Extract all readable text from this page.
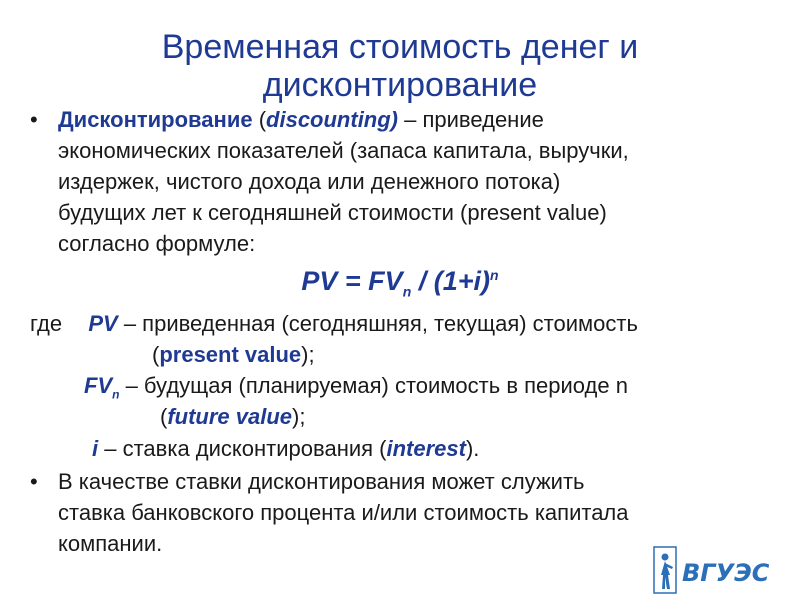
Временная стоимость денег и
дисконтирование
• Дисконтирование (discounting) – приведение
экономических показателей (запаса капитала, выручки,
издержек, чистого дохода или денежного потока)
будущих лет к сегодняшней стоимости (present value)
согласно формуле:
PV = $FV_n / (1+i)^n$
где PV – приведенная (сегодняшняя, текущая) стоимость
(present value);
$FV_n$ – будущая (планируемая) стоимость в периоде n
(future value);
i – ставка дисконтирования (interest).
• В качестве ставки дисконтирования может служить
ставка банковского процента и/или стоимость капитала
компании.
ВГУЭС
